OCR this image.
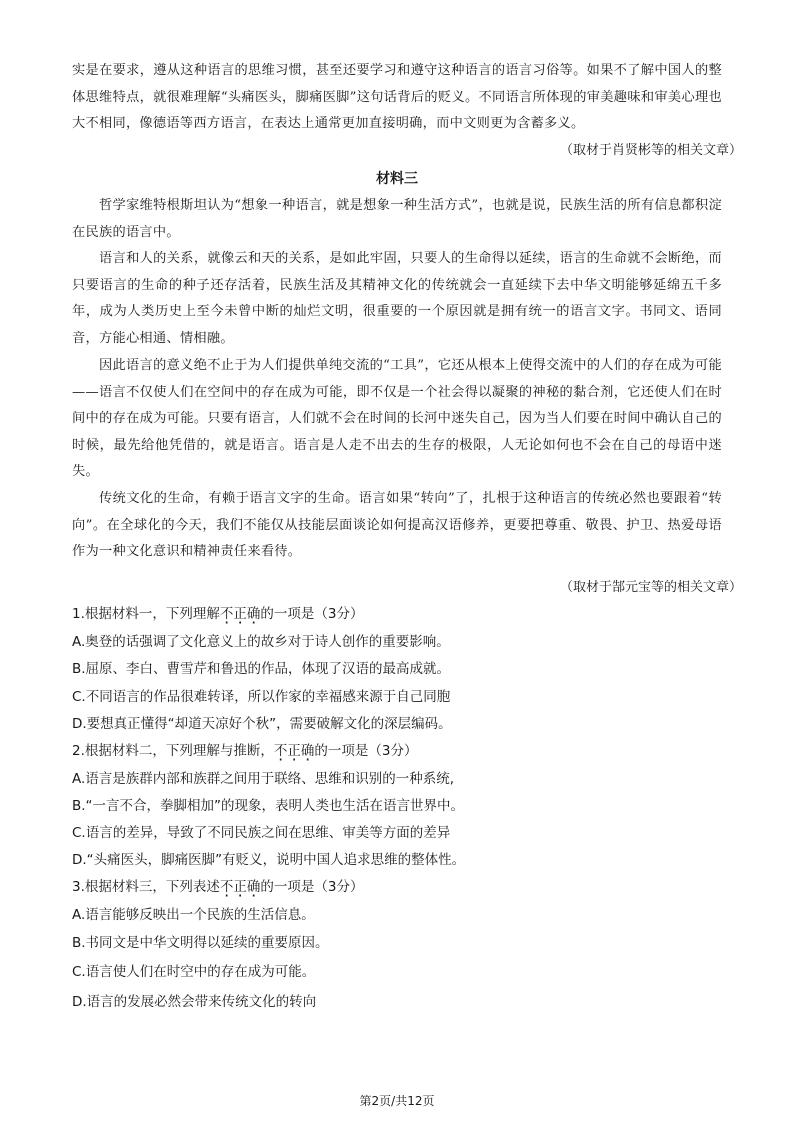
实是在要求，遵从这种语言的思维习惯，甚至还要学习和遵守这种语言的语言习俗等。如果不了解中国人的整体思维特点，就很难理解“头痛医头，脚痛医脚”这句话背后的贬义。不同语言所体现的审美趣味和审美心理也大不相同，像德语等西方语言，在表达上通常更加直接明确，而中文则更为含蓄多义。

（取材于肖贤彬等的相关文章）

材料三

哲学家维特根斯坦认为“想象一种语言，就是想象一种生活方式”，也就是说，民族生活的所有信息都积淀在民族的语言中。

语言和人的关系，就像云和天的关系，是如此牢固，只要人的生命得以延续，语言的生命就不会断绝，而只要语言的生命的种子还存活着，民族生活及其精神文化的传统就会一直延续下去中华文明能够延绵五千多年，成为人类历史上至今未曾中断的灿烂文明，很重要的一个原因就是拥有统一的语言文字。书同文、语同音，方能心相通、情相融。

因此语言的意义绝不止于为人们提供单纯交流的“工具”，它还从根本上使得交流中的人们的存在成为可能——语言不仅使人们在空间中的存在成为可能，即不仅是一个社会得以凝聚的神秘的黏合剂，它还使人们在时间中的存在成为可能。只要有语言，人们就不会在时间的长河中迷失自己，因为当人们要在时间中确认自己的时候，最先给他凭借的，就是语言。语言是人走不出去的生存的极限，人无论如何也不会在自己的母语中迷失。

传统文化的生命，有赖于语言文字的生命。语言如果“转向”了，扎根于这种语言的传统必然也要跟着“转向”。在全球化的今天，我们不能仅从技能层面谈论如何提高汉语修养，更要把尊重、敬畏、护卫、热爱母语作为一种文化意识和精神责任来看待。

（取材于郜元宝等的相关文章）

1.根据材料一，下列理解不正确的一项是（3分）

A.奥登的话强调了文化意义上的故乡对于诗人创作的重要影响。

B.屈原、李白、曹雪芹和鲁迅的作品，体现了汉语的最高成就。

C.不同语言的作品很难转译，所以作家的幸福感来源于自己同胞

D.要想真正懂得“却道天凉好个秋”，需要破解文化的深层编码。

2.根据材料二，下列理解与推断，不正确的一项是（3分）

A.语言是族群内部和族群之间用于联络、思维和识别的一种系统,

B.“一言不合，拳脚相加”的现象，表明人类也生活在语言世界中。

C.语言的差异，导致了不同民族之间在思维、审美等方面的差异

D.“头痛医头，脚痛医脚”有贬义，说明中国人追求思维的整体性。

3.根据材料三，下列表述不正确的一项是（3分）

A.语言能够反映出一个民族的生活信息。

B.书同文是中华文明得以延续的重要原因。

C.语言使人们在时空中的存在成为可能。

D.语言的发展必然会带来传统文化的转向

第2页/共12页
